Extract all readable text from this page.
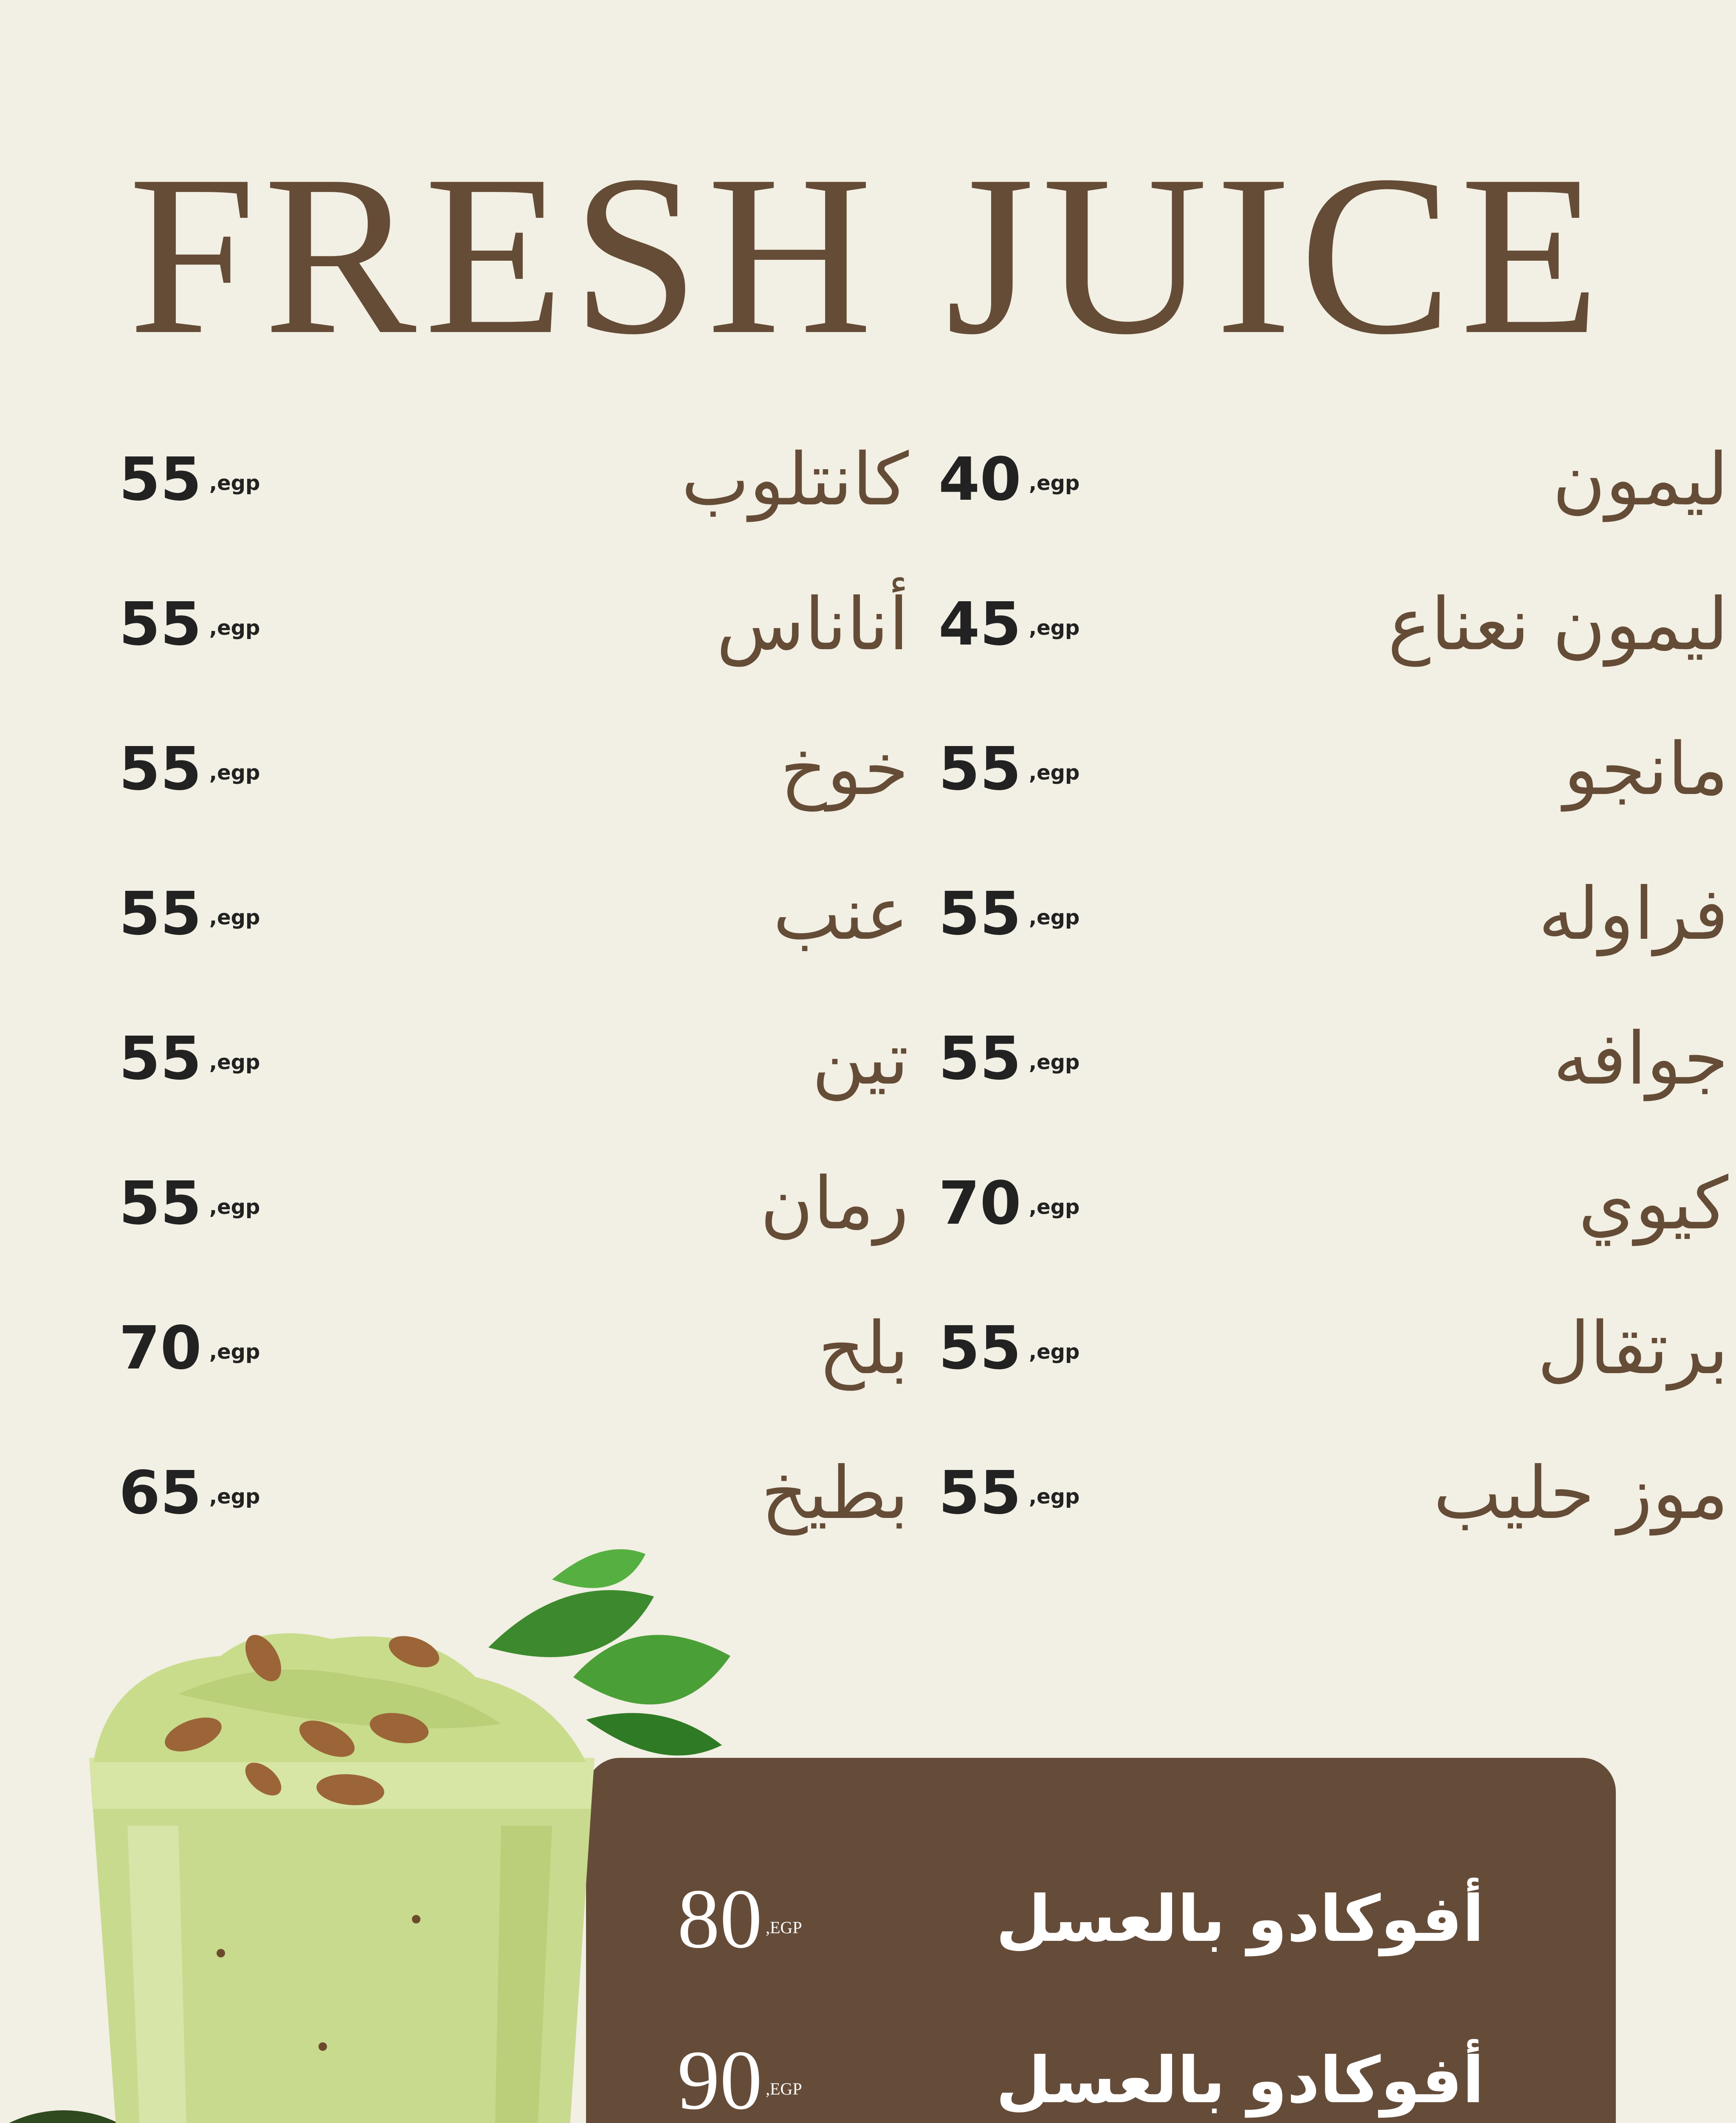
FRESH JUICE
55 ,egp	كانتلوب
55 ,egp	أناناس
55 ,egp	خوخ
55 ,egp	عنب
55 ,egp	تين
55 ,egp	رمان
70 ,egp	بلح
65 ,egp	بطيخ
40 ,egp	ليمون
45 ,egp	ليمون نعناع
55 ,egp	مانجو
55 ,egp	فراوله
55 ,egp	جوافه
70 ,egp	كيوي
55 ,egp	برتقال
55 ,egp	موز حليب
80 ,EGP	أفوكادو بالعسل
90 ,EGP	أفوكادو بالعسل
